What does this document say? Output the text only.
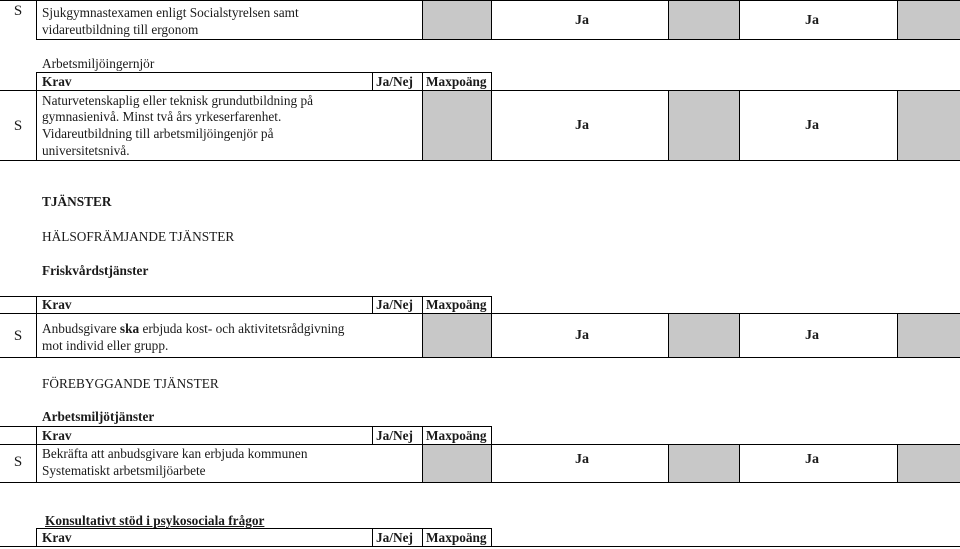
S	Sjukgymnastexamen enligt Socialstyrelsen samt
vidareutbildning till ergonom
Ja	Ja
Arbetsmiljöingernjör
Krav	Ja/Nej Maxpoäng
S
Naturvetenskaplig eller teknisk grundutbildning på
gymnasienivå. Minst två års yrkeserfarenhet.
Vidareutbildning till arbetsmiljöingenjör på
universitetsnivå.
Ja	Ja
TJÄNSTER
HÄLSOFRÄMJANDE TJÄNSTER
Friskvårdstjänster
Krav	Ja/Nej Maxpoäng
S	Anbudsgivare ska erbjuda kost- och aktivitetsrådgivning
mot individ eller grupp.
Ja	Ja
FÖREBYGGANDE TJÄNSTER
Arbetsmiljötjänster
Krav	Ja/Nej Maxpoäng
S
Bekräfta att anbudsgivare kan erbjuda kommunen
Systematiskt arbetsmiljöarbete
Ja	Ja
Konsultativt stöd i psykosociala frågor
Krav	Ja/Nej Maxpoäng
